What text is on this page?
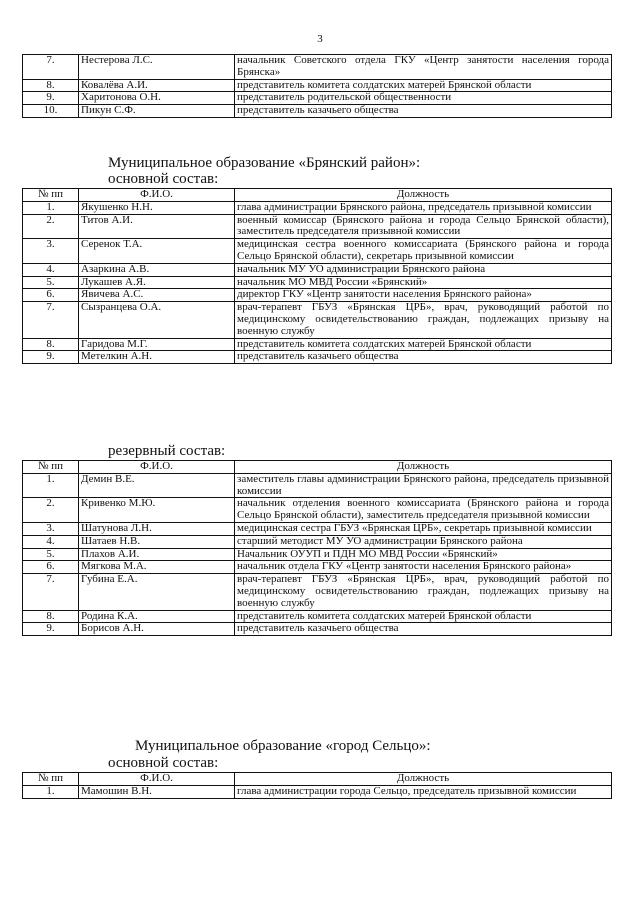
3
7.	Нестерова Л.С.	начальник Советского отдела ГКУ «Центр занятости населения города Брянска»
8.	Ковалёва А.И.	представитель комитета солдатских матерей Брянской области
9.	Харитонова О.Н.	представитель родительской общественности
10.	Пикун С.Ф.	представитель казачьего общества
Муниципальное образование «Брянский район»:
основной состав:
№ пп	Ф.И.О.	Должность
1.	Якушенко Н.Н.	глава администрации Брянского района, председатель призывной комиссии
2.	Титов А.И.	военный комиссар (Брянского района и города Сельцо Брянской области), заместитель председателя призывной комиссии
3.	Серенок Т.А.	медицинская сестра военного комиссариата (Брянского района и города Сельцо Брянской области), секретарь призывной комиссии
4.	Азаркина А.В.	начальник МУ УО администрации Брянского района
5.	Лукашев А.Я.	начальник МО МВД России «Брянский»
6.	Явичева А.С.	директор ГКУ «Центр занятости населения Брянского района»
7.	Сызранцева О.А.	врач-терапевт ГБУЗ «Брянская ЦРБ», врач, руководящий работой по медицинскому освидетельствованию граждан, подлежащих призыву на военную службу
8.	Гаридова М.Г.	представитель комитета солдатских матерей Брянской области
9.	Метелкин А.Н.	представитель казачьего общества
резервный состав:
№ пп	Ф.И.О.	Должность
1.	Демин В.Е.	заместитель главы администрации Брянского района, председатель призывной комиссии
2.	Кривенко М.Ю.	начальник отделения военного комиссариата (Брянского района и города Сельцо Брянской области), заместитель председателя призывной комиссии
3.	Шатунова Л.Н.	медицинская сестра ГБУЗ «Брянская ЦРБ», секретарь призывной комиссии
4.	Шатаев Н.В.	старший методист МУ УО администрации Брянского района
5.	Плахов А.И.	Начальник ОУУП и ПДН МО МВД России «Брянский»
6.	Мягкова М.А.	начальник отдела ГКУ «Центр занятости населения Брянского района»
7.	Губина Е.А.	врач-терапевт ГБУЗ «Брянская ЦРБ», врач, руководящий работой по медицинскому освидетельствованию граждан, подлежащих призыву на военную службу
8.	Родина К.А.	представитель комитета солдатских матерей Брянской области
9.	Борисов А.Н.	представитель казачьего общества
Муниципальное образование «город Сельцо»:
основной состав:
№ пп	Ф.И.О.	Должность
1.	Мамошин В.Н.	глава администрации города Сельцо, председатель призывной комиссии
